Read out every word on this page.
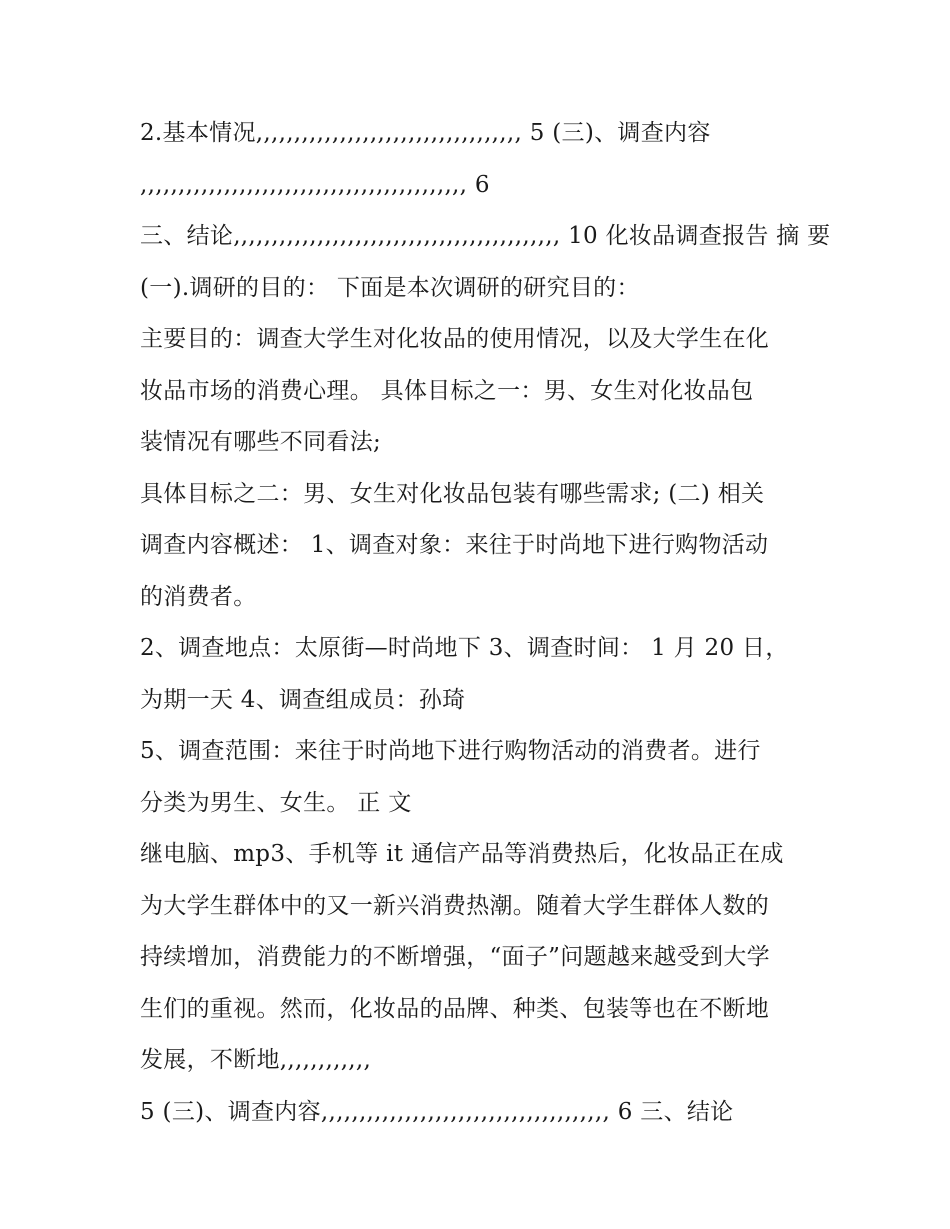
2.基本情况,,,,,,,,,,,,,,,,,,,,,,,,,,,,,,,,,,, 5 (三)、调查内容
,,,,,,,,,,,,,,,,,,,,,,,,,,,,,,,,,,,,,,,,,,, 6
三、结论,,,,,,,,,,,,,,,,,,,,,,,,,,,,,,,,,,,,,,,,,,, 10 化妆品调查报告 摘 要
(一).调研的目的： 下面是本次调研的研究目的：
主要目的：调查大学生对化妆品的使用情况，以及大学生在化
妆品市场的消费心理。 具体目标之一：男、女生对化妆品包
装情况有哪些不同看法;
具体目标之二：男、女生对化妆品包装有哪些需求; (二) 相关
调查内容概述： 1、调查对象：来往于时尚地下进行购物活动
的消费者。
2、调查地点：太原街—时尚地下 3、调查时间： 1 月 20 日，
为期一天 4、调查组成员：孙琦
5、调查范围：来往于时尚地下进行购物活动的消费者。进行
分类为男生、女生。 正 文
继电脑、mp3、手机等 it 通信产品等消费热后，化妆品正在成
为大学生群体中的又一新兴消费热潮。随着大学生群体人数的
持续增加，消费能力的不断增强，“面子”问题越来越受到大学
生们的重视。然而，化妆品的品牌、种类、包装等也在不断地
发展，不断地,,,,,,,,,,,,
5 (三)、调查内容,,,,,,,,,,,,,,,,,,,,,,,,,,,,,,,,,,,,,, 6 三、结论
